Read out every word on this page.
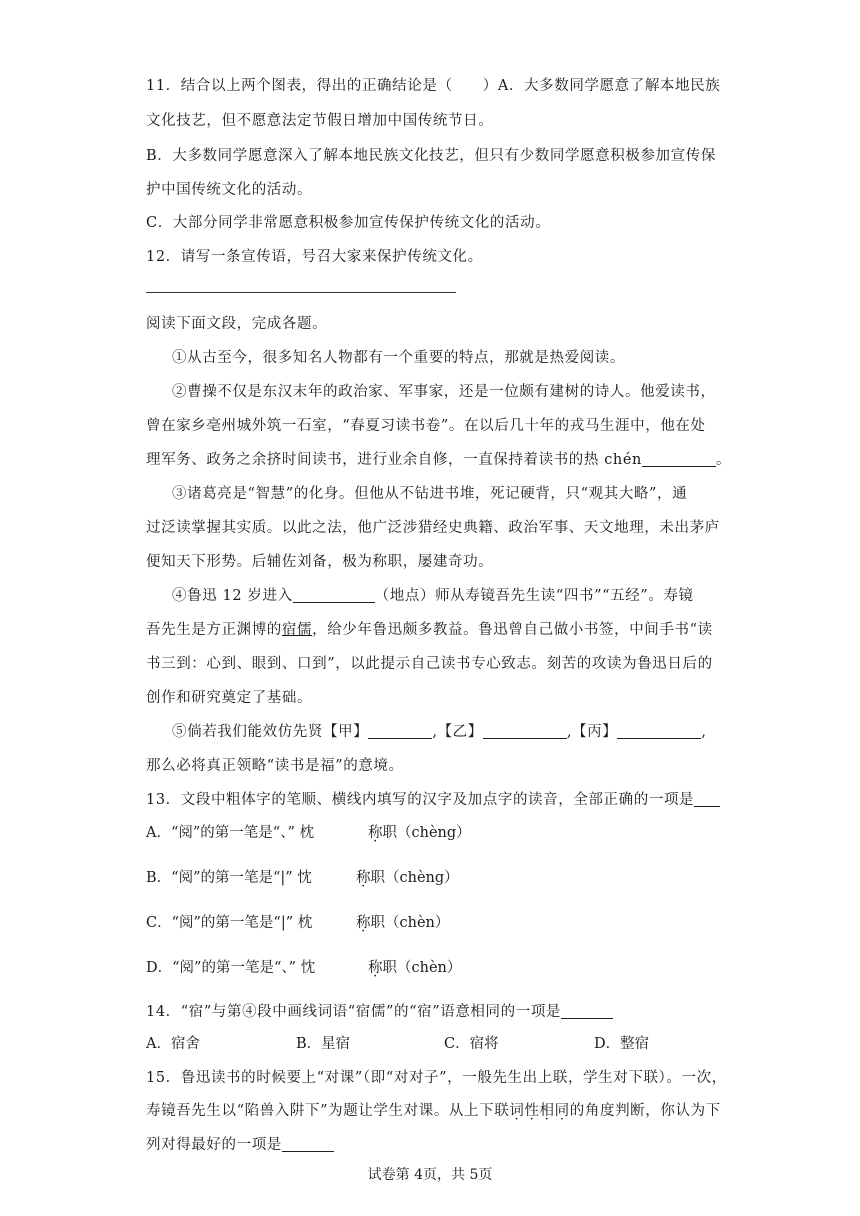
11．结合以上两个图表，得出的正确结论是（　　）A．大多数同学愿意了解本地民族
文化技艺，但不愿意法定节假日增加中国传统节日。
B．大多数同学愿意深入了解本地民族文化技艺，但只有少数同学愿意积极参加宣传保
护中国传统文化的活动。
C．大部分同学非常愿意积极参加宣传保护传统文化的活动。
12．请写一条宣传语，号召大家来保护传统文化。
阅读下面文段，完成各题。
①从古至今，很多知名人物都有一个重要的特点，那就是热爱阅读。
②曹操不仅是东汉末年的政治家、军事家，还是一位颇有建树的诗人。他爱读书，
曾在家乡亳州城外筑一石室，“春夏习读书卷”。在以后几十年的戎马生涯中，他在处
理军务、政务之余挤时间读书，进行业余自修，一直保持着读书的热 chén	。
③诸葛亮是“智慧”的化身。但他从不钻进书堆，死记硬背，只“观其大略”，通
过泛读掌握其实质。以此之法，他广泛涉猎经史典籍、政治军事、天文地理，未出茅庐
便知天下形势。后辅佐刘备，极为称职，屡建奇功。
④鲁迅 12 岁进入	（地点）师从寿镜吾先生读“四书”“五经”。寿镜
吾先生是方正渊博的宿儒，给少年鲁迅颇多教益。鲁迅曾自己做小书签，中间手书“读
书三到：心到、眼到、口到”，以此提示自己读书专心致志。刻苦的攻读为鲁迅日后的
创作和研究奠定了基础。
⑤倘若我们能效仿先贤【甲】	,【乙】	,【丙】	,
那么必将真正领略“读书是福”的意境。
13．文段中粗体字的笔顺、横线内填写的汉字及加点字的读音，全部正确的一项是
A．“阅”的第一笔是“、” 枕	称职（chèng）
B．“阅”的第一笔是“|” 忱	称职（chèng）
C．“阅”的第一笔是“|” 枕	称职（chèn）
D．“阅”的第一笔是“、” 忱	称职（chèn）
14．“宿”与第④段中画线词语“宿儒”的“宿”语意相同的一项是
A．宿舍	B．星宿	C．宿将	D．整宿
15．鲁迅读书的时候要上“对课”（即“对对子”，一般先生出上联，学生对下联）。一次，
寿镜吾先生以“陷兽入阱下”为题让学生对课。从上下联词性相同的角度判断，你认为下
列对得最好的一项是
试卷第 4页，共 5页
